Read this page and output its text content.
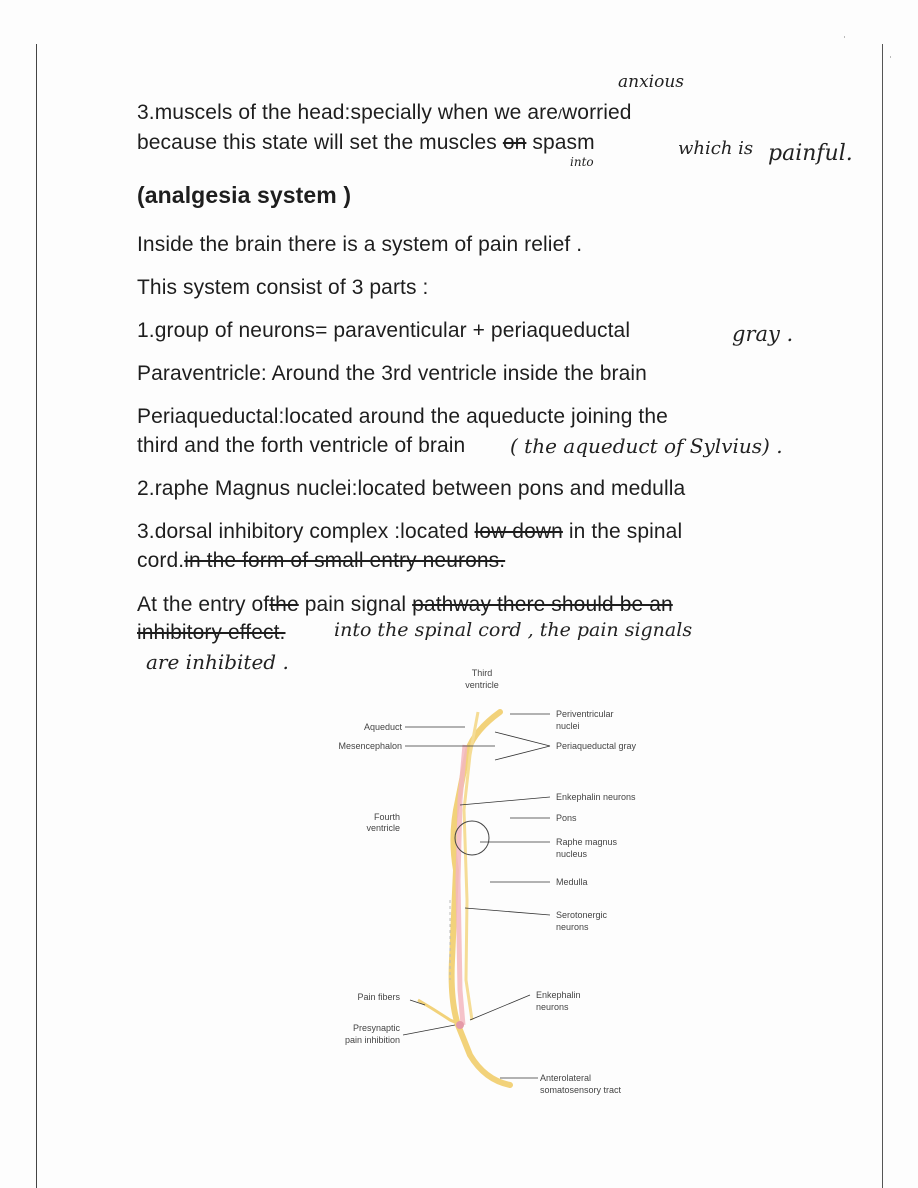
˙
˙
anxious
3.muscels of the head:specially when we are/worried
because this state will set the muscles on spasm
into
which is painful.
(analgesia system )
Inside the brain there is a system of pain relief .
This system consist of 3 parts :
1.group of neurons= paraventicular + periaqueductal	gray .
Paraventricle: Around the 3rd ventricle inside the brain
Periaqueductal:located around the aqueducte joining the
third and the forth ventricle of brain ( the aqueduct of Sylvius) .
2.raphe Magnus nuclei:located between pons and medulla
3.dorsal inhibitory complex :located low down in the spinal
cord.in the form of small entry neurons.
At the entry ofthe pain signal pathway there should be an
inhibitory effect.	into the spinal cord , the pain signals
are inhibited .	Third
ventricle
Aqueduct
Mesencephalon
Fourth
ventricle
Pain fibers
Presynaptic
pain inhibition
Periventricular
nuclei
Periaqueductal gray
Enkephalin neurons
Pons
Raphe magnus
nucleus
Medulla
Serotonergic
neurons
Enkephalin
neurons
Anterolateral
somatosensory tract
